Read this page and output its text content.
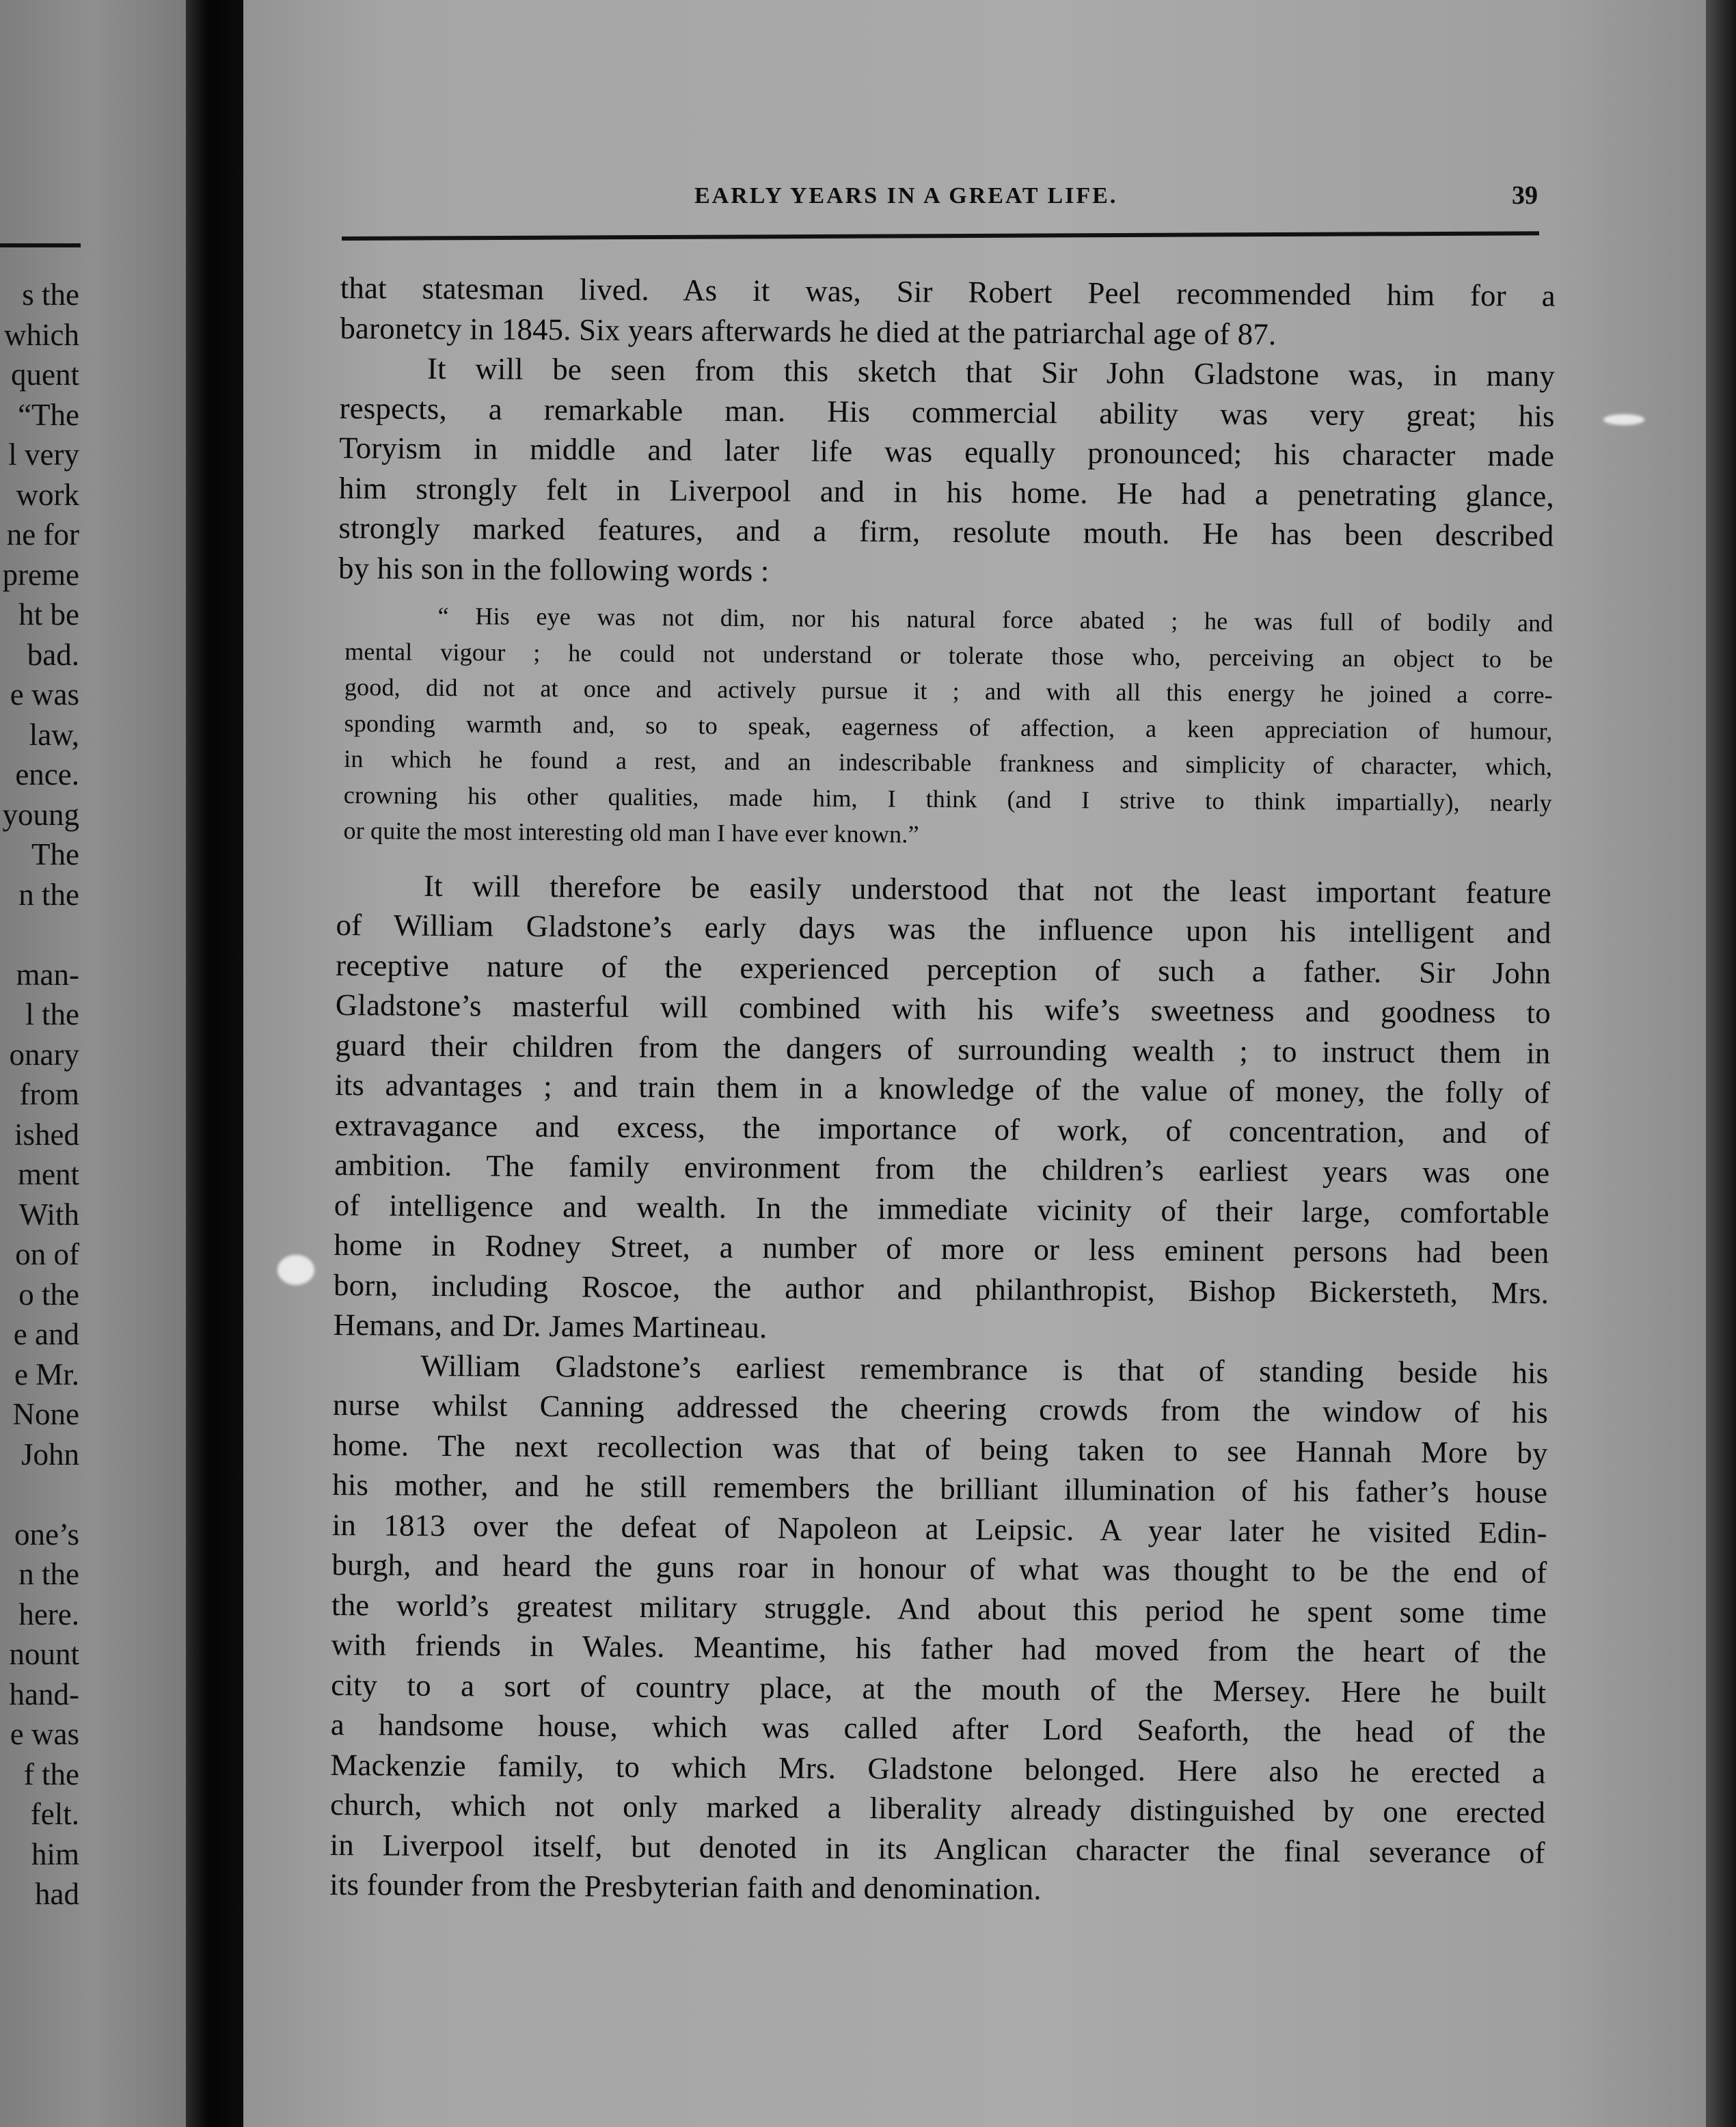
s the
which
quent
“The
l very
work
ne for
preme
ht be
bad.
e was
law,
ence.
young
The
n the
man-
l the
onary
from
ished
ment
With
on of
o the
e and
e Mr.
None
John
one’s
n the
here.
nount
hand-
e was
f the
felt.
him
had
EARLY YEARS IN A GREAT LIFE.	39
that statesman lived. As it was, Sir Robert Peel recommended him for a
baronetcy in 1845. Six years afterwards he died at the patriarchal age of 87.
It will be seen from this sketch that Sir John Gladstone was, in many
respects, a remarkable man. His commercial ability was very great; his
Toryism in middle and later life was equally pronounced; his character made
him strongly felt in Liverpool and in his home. He had a penetrating glance,
strongly marked features, and a firm, resolute mouth. He has been described
by his son in the following words :
“ His eye was not dim, nor his natural force abated ; he was full of bodily and
mental vigour ; he could not understand or tolerate those who, perceiving an object to be
good, did not at once and actively pursue it ; and with all this energy he joined a corre-
sponding warmth and, so to speak, eagerness of affection, a keen appreciation of humour,
in which he found a rest, and an indescribable frankness and simplicity of character, which,
crowning his other qualities, made him, I think (and I strive to think impartially), nearly
or quite the most interesting old man I have ever known.”
It will therefore be easily understood that not the least important feature
of William Gladstone’s early days was the influence upon his intelligent and
receptive nature of the experienced perception of such a father. Sir John
Gladstone’s masterful will combined with his wife’s sweetness and goodness to
guard their children from the dangers of surrounding wealth ; to instruct them in
its advantages ; and train them in a knowledge of the value of money, the folly of
extravagance and excess, the importance of work, of concentration, and of
ambition. The family environment from the children’s earliest years was one
of intelligence and wealth. In the immediate vicinity of their large, comfortable
home in Rodney Street, a number of more or less eminent persons had been
born, including Roscoe, the author and philanthropist, Bishop Bickersteth, Mrs.
Hemans, and Dr. James Martineau.
William Gladstone’s earliest remembrance is that of standing beside his
nurse whilst Canning addressed the cheering crowds from the window of his
home. The next recollection was that of being taken to see Hannah More by
his mother, and he still remembers the brilliant illumination of his father’s house
in 1813 over the defeat of Napoleon at Leipsic. A year later he visited Edin-
burgh, and heard the guns roar in honour of what was thought to be the end of
the world’s greatest military struggle. And about this period he spent some time
with friends in Wales. Meantime, his father had moved from the heart of the
city to a sort of country place, at the mouth of the Mersey. Here he built
a handsome house, which was called after Lord Seaforth, the head of the
Mackenzie family, to which Mrs. Gladstone belonged. Here also he erected a
church, which not only marked a liberality already distinguished by one erected
in Liverpool itself, but denoted in its Anglican character the final severance of
its founder from the Presbyterian faith and denomination.
